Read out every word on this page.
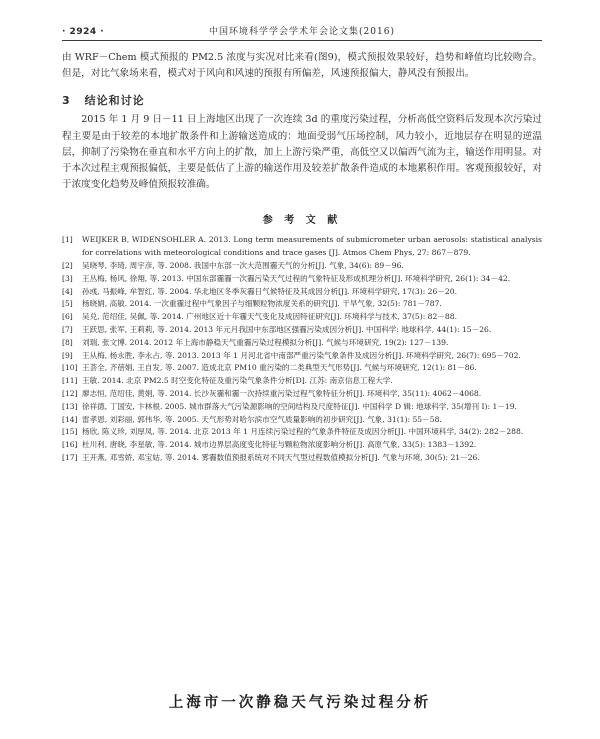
· 2924 ·	中国环境科学学会学术年会论文集(2016)

由 WRF－Chem 模式预报的 PM2.5 浓度与实况对比来看(图9)，模式预报效果较好，趋势和峰值均比较吻合。但是，对比气象场来看，模式对于风向和风速的预报有所偏差，风速预报偏大，静风没有预报出。

3 结论和讨论

2015 年 1 月 9 日－11 日上海地区出现了一次连续 3d 的重度污染过程，分析高低空资料后发现本次污染过程主要是由于较差的本地扩散条件和上游输送造成的：地面受弱气压场控制，风力较小，近地层存在明显的逆温层，抑制了污染物在垂直和水平方向上的扩散，加上上游污染严重，高低空又以偏西气流为主，输送作用明显。对于本次过程主观预报偏低，主要是低估了上游的输送作用及较差扩散条件造成的本地累积作用。客观预报较好，对于浓度变化趋势及峰值预报较准确。

参 考 文 献
[1]	WEIJKER B, WIDENSOHLER A. 2013. Long term measurements of submicrometer urban aerosols: statistical analysis for correlations with meteorological conditions and trace gases [J]. Atmos Chem Phys, 27: 867－879.
[2]	吴晓琴, 李琦, 周宇彦, 等. 2008. 我国中东部一次大范围霾天气的分析[J]. 气象, 34(6): 89－96.
[3]	王丛梅, 杨风, 徐翔, 等. 2013. 中国东部霾霾一次霾污染天气过程的气象特征及形成机理分析[J]. 环境科学研究, 26(1): 34－42.
[4]	孙彧, 马振峰, 牟智红, 等. 2004. 华北地区冬季灰霾日气候特征及其成因分析[J]. 环境科学研究, 17(3): 26－20.
[5]	杨晓娟, 高敏. 2014. 一次重霾过程中气象因子与细颗粒物浓度关系的研究[J]. 干旱气象, 32(5): 781－787.
[6]	吴兑, 范绍佳, 吴佩, 等. 2014. 广州地区近十年霾天气变化及成因特征研究[J]. 环境科学与技术, 37(5): 82－88.
[7]	王跃思, 张军, 王莉莉, 等. 2014. 2013 年元月我国中东部地区强霾污染成因分析[J]. 中国科学: 地球科学, 44(1): 15－26.
[8]	刘瑞, 张文博. 2014. 2012 年上海市静稳天气重霾污染过程模拟分析[J]. 气候与环境研究, 19(2): 127－139.
[9]	王从梅, 杨永胜, 李永占, 等. 2013. 2013 年 1 月河北省中南部严重污染气象条件及成因分析[J]. 环境科学研究, 26(7): 695－702.
[10] 王荟全, 齐蓓娟, 王自发, 等. 2007. 造成北京 PM10 重污染的二类典型天气形势[J]. 气候与环境研究, 12(1): 81－86.
[11] 王敏. 2014. 北京 PM2.5 时空变化特征及重污染气象条件分析[D]. 江苏: 南京信息工程大学.
[12] 廖志恒, 范绍佳, 黄娟, 等. 2014. 长沙灰霾和霾一次持续重污染过程气象特征分析[J]. 环境科学, 35(11): 4062－4068.
[13] 徐祥德, 丁国安, 卞林根. 2005. 城市群落大气污染源影响的空间结构及尺度特征[J]. 中国科学 D 辑: 地球科学, 35(增刊 I): 1－19.
[14] 雷孝恩, 刘彩丽, 郭伟华, 等. 2005. 天气形势对哈尔滨市空气质量影响的初步研究[J]. 气象, 31(1): 55－58.
[15] 杨欣, 陈义珍, 刘厚凤, 等. 2014. 北京 2013 年 1 月连续污染过程的气象条件特征及成因分析[J]. 中国环境科学, 34(2): 282－288.
[16] 杜川利, 唐晓, 李星敏, 等. 2014. 城市边界层高度变化特征与颗粒物浓度影响分析[J]. 高原气象, 33(5): 1383－1392.
[17] 王开燕, 邓雪娇, 邓宝姑, 等. 2014. 雾霾数值预报系统对不同天气型过程数值模拟分析[J]. 气象与环境, 30(5): 21－26.
上海市一次静稳天气污染过程分析
